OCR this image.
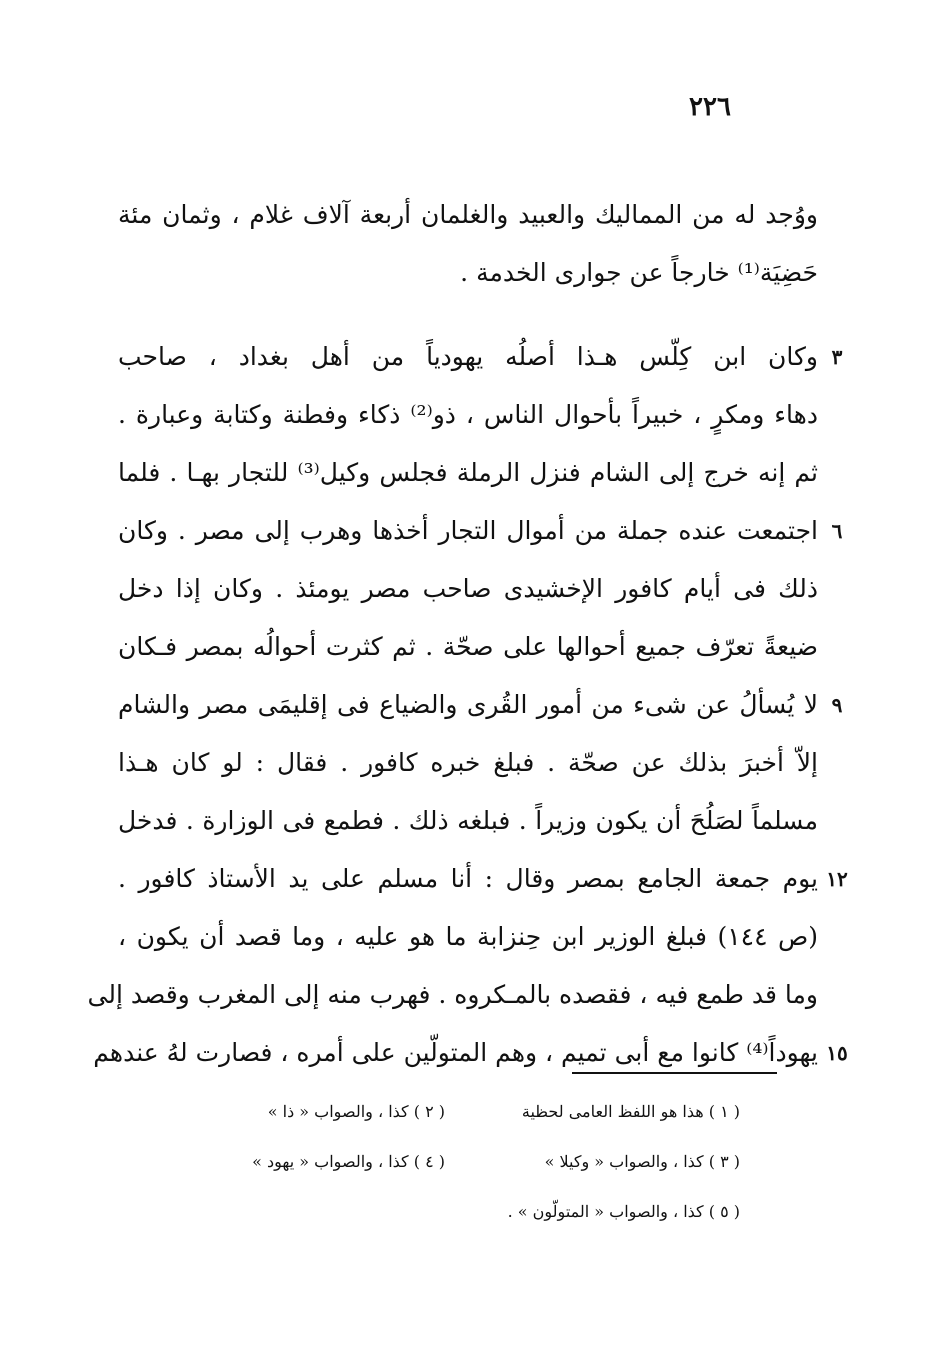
٢٢٦
ووُجد له من المماليك والعبيد والغلمان أربعة آلاف غلام ، وثمان مئة
حَضِيَة⁽¹⁾ خارجاً عن جوارى الخدمة .
وكان ابن كِلّس هـذا أصلُه يهودياً من أهل بغداد ، صاحب ٣
دهاء ومكرٍ ، خبيراً بأحوال الناس ، ذو⁽²⁾ ذكاء وفطنة وكتابة وعبارة .
ثم إنه خرج إلى الشام فنزل الرملة فجلس وكيل⁽³⁾ للتجار بهـا . فلما
اجتمعت عنده جملة من أموال التجار أخذها وهرب إلى مصر . وكان ٦
ذلك فى أيام كافور الإخشيدى صاحب مصر يومئذ . وكان إذا دخل
ضيعةً تعرّف جميع أحوالها على صحّة . ثم كثرت أحوالُه بمصر فـكان
لا يُسألُ عن شىء من أمور القُرى والضياع فى إقليمَى مصر والشام ٩
إلاّ أخبرَ بذلك عن صحّة . فبلغ خبره كافور . فقال : لو كان هـذا
مسلماً لصَلُحَ أن يكون وزيراً . فبلغه ذلك . فطمع فى الوزارة . فدخل
يوم جمعة الجامع بمصر وقال : أنا مسلم على يد الأستاذ كافور . ١٢
(ص ١٤٤) فبلغ الوزير ابن حِنزابة ما هو عليه ، وما قصد أن يكون ،
وما قد طمع فيه ، فقصده بالمـكروه . فهرب منه إلى المغرب وقصد إلى
يهوداً⁽⁴⁾ كانوا مع أبى تميم ، وهم المتولّين على أمره ، فصارت لهُ عندهم ١٥
( ١ ) هذا هو اللفظ العامى لحظية
( ٢ ) كذا ، والصواب « ذا »
( ٣ ) كذا ، والصواب « وكيلا »
( ٤ ) كذا ، والصواب « يهود »
( ٥ ) كذا ، والصواب « المتولّون » .
